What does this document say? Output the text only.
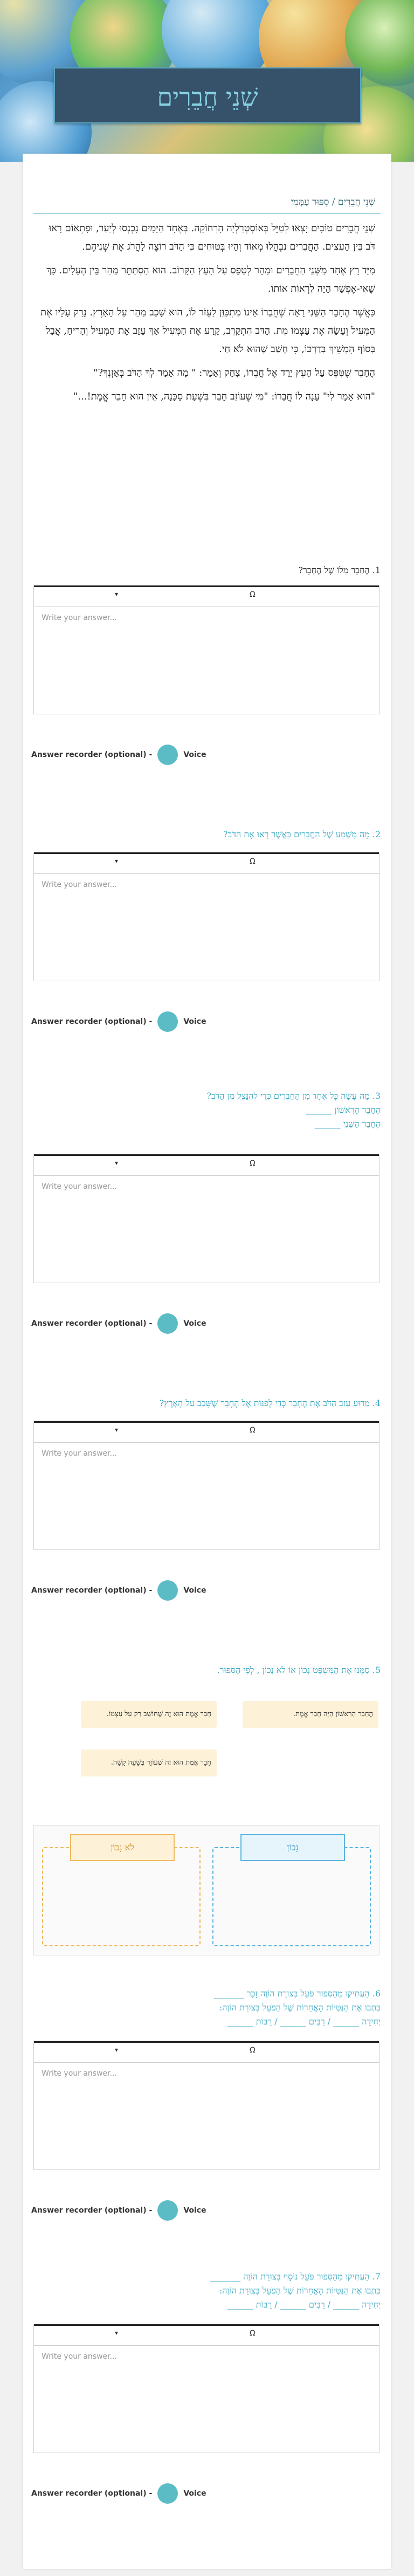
שְׁנֵי חֲבֵרִים
שְׁנֵי חֲבֵרִים / סִפּוּר עַמָּמִי

שְׁנֵי חֲבֵרִים טוֹבִים יָצְאוּ לְטַיֵּל בְּאוֹסְטְרַלְיָה הָרְחוֹקָה. בְּאֶחָד הַיָּמִים נִכְנְסוּ לְיַעַר, וּפִתְאוֹם רָאוּ דֹּב בֵּין הָעֵצִים. הַחֲבֵרִים נִבְהֲלוּ מְאוֹד וְהָיוּ בְּטוּחִים כִּי הַדֹּב רוֹצֶה לַהֲרֹג אֶת שְׁנֵיהֶם.

מִיָּד רָץ אֶחָד מִשְּׁנֵי הַחֲבֵרִים וּמִהֵר לְטַפֵּס עַל הָעֵץ הַקָּרוֹב. הוּא הִסְתַּתֵּר מֵהַר בֵּין הֶעָלִים. כָּךְ שֶׁאִי-אֶפְשָׁר הָיָה לִרְאוֹת אוֹתוֹ.

כַּאֲשֶׁר הֶחָבֵר הַשֵּׁנִי רָאָה שֶׁחֲבֵרוֹ אֵינוֹ מִתְכַּוֵּן לַעֲזֹר לוֹ, הוּא שָׁכַב מַהֵר עַל הָאָרֶץ. נָרַק עָלָיו אֶת הַמְּעִיל וְעָשָׂה אֶת עַצְמוֹ מֵת. הַדֹּב הִתְקָרֵב, קָרַע אֶת הַמְּעִיל אַךְ עָזַב אֶת הַמְּעִיל וְהָרִיחַ, אֲבָל בְּסוֹף הִמְשִׁיךְ בְּדַרְכּוֹ, כִּי חָשַׁב שֶׁהוּא לֹא חַי.

הֶחָבֵר שֶׁטִּפֵּס עַל הָעֵץ יָרַד אֶל חֲבֵרוֹ, צָחַק וְאָמַר: " מָה אָמַר לְךָ הַדֹּב בְּאָזְנְךָ?"

"הוּא אָמַר לִי" עָנָה לוֹ חֲבֵרוֹ: "מִי שֶׁעוֹזֵב חָבֵר בִּשְׁעַת סַכָּנָה, אֵין הוּא חָבֵר אֱמֶת!..."

1. הֶחָבֵר מִלּוֹ שֶׁל הֶחָבֵר?
▾	Ω
Write your answer...
Answer recorder (optional) -	Voice
2. מָה מִשְׁמַע שֶׁל הַחֲבֵרִים כַּאֲשֶׁר רָאוּ אֶת הַדֹּב?
▾	Ω
Write your answer...
Answer recorder (optional) -	Voice
3. מָה עָשָׂה כָּל אֶחָד מִן הַחֲבֵרִים כְּדֵי לְהִנָּצֵל מִן הַדֹּב?
הֶחָבֵר הָרִאשׁוֹן ______
הֶחָבֵר הַשֵּׁנִי ______
▾	Ω
Write your answer...
Answer recorder (optional) -	Voice
4. מַדּוּעַ עָזַב הַדֹּב אֶת הֶחָבֵר כְּדֵי לְפִנּוֹת אֶל הֶחָבֵר שֶׁשָּׁכַב עַל הָאָרֶץ?
▾	Ω
Write your answer...
Answer recorder (optional) -	Voice
5. סַמְּנוּ אֶת הַמִּשְׁפָּט נָכוֹן אוֹ לֹא נָכוֹן , לְפִי הַסִּפּוּר.
הֶחָבֵר הָרִאשׁוֹן הָיָה חָבֵר אֱמֶת.
חָבֵר אֱמֶת הוּא זֶה שֶׁחוֹשֵׁב רַק עַל עַצְמוֹ.
חָבֵר אֱמֶת הוּא זֶה שֶׁעוֹזֵר בְּשָׁעָה קָשָׁה.
נָכוֹן
לֹא נָכוֹן
6. הַעְתִּיקוּ מֵהַסִּפּוּר פֹּעַל בִּצוּרַת הוֹוֶה זָכָר _______
כִּתְבוּ אֶת הַנְּטִיּוֹת הָאֲחֵרוֹת שֶׁל הַפֹּעַל בִּצוּרַת הוֹוֶה:
יְחִידָה ______ / רַבִּים ______ / רַבּוֹת ______
▾	Ω
Write your answer...
Answer recorder (optional) -	Voice
7. הַעְתִּיקוּ מֵהַסִּפּוּר פֹּעַל נוֹסָף בִּצוּרַת הוֹוֶה _______
כִּתְבוּ אֶת הַנְּטִיּוֹת הָאֲחֵרוֹת שֶׁל הַפֹּעַל בִּצוּרַת הוֹוֶה:
יְחִידָה ______ / רַבִּים ______ / רַבּוֹת ______
▾	Ω
Write your answer...
Answer recorder (optional) -	Voice
